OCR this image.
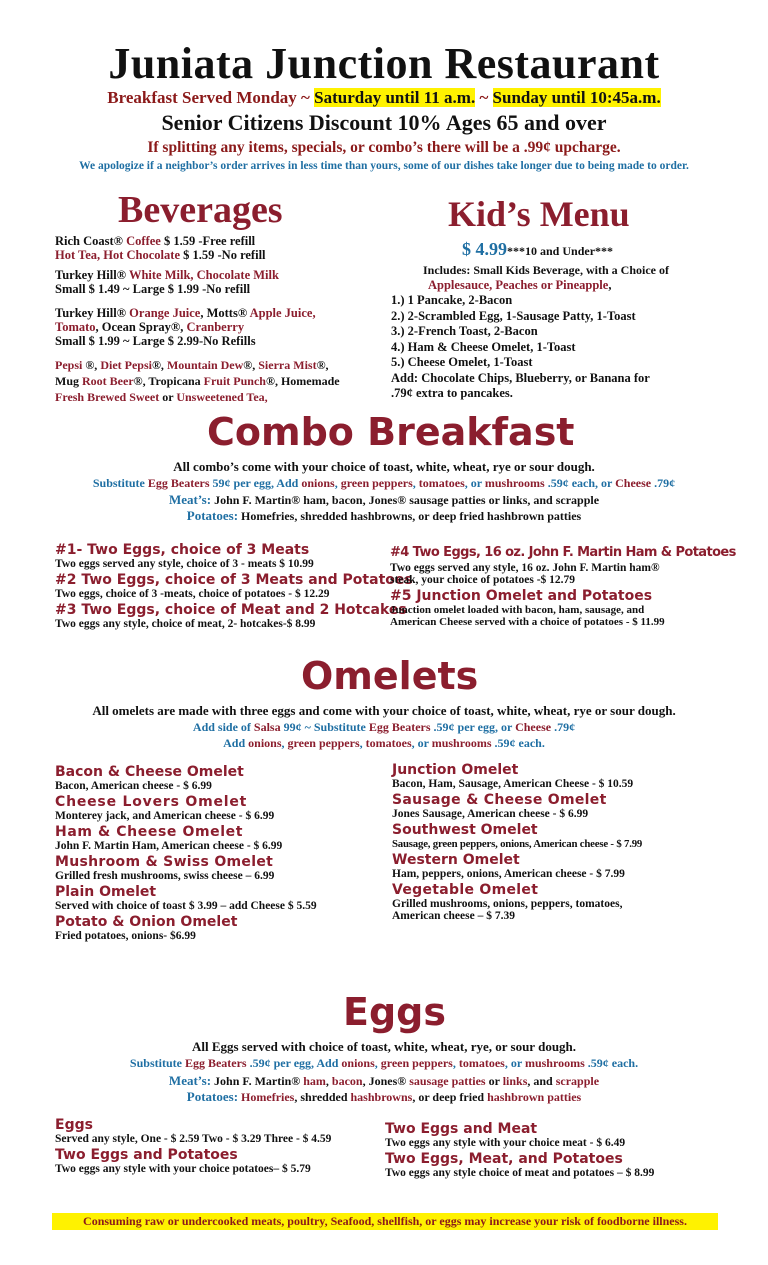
Juniata Junction Restaurant
Breakfast Served Monday ~ Saturday until 11 a.m. ~ Sunday until 10:45a.m.
Senior Citizens Discount 10% Ages 65 and over
If splitting any items, specials, or combo’s there will be a .99¢ upcharge.
We apologize if a neighbor’s order arrives in less time than yours, some of our dishes take longer due to being made to order.
Beverages
Rich Coast® Coffee $ 1.59 -Free refill
Hot Tea, Hot Chocolate $ 1.59 -No refill
Turkey Hill® White Milk, Chocolate Milk
Small $ 1.49 ~ Large $ 1.99 -No refill
Turkey Hill® Orange Juice, Motts® Apple Juice,
Tomato, Ocean Spray®, Cranberry
Small $ 1.99 ~ Large $ 2.99-No Refills
Pepsi ®, Diet Pepsi®, Mountain Dew®, Sierra Mist®,
Mug Root Beer®, Tropicana Fruit Punch®, Homemade
Fresh Brewed Sweet or Unsweetened Tea,
Kid’s Menu
$ 4.99***10 and Under***
Includes: Small Kids Beverage, with a Choice of
Applesauce, Peaches or Pineapple,
1.) 1 Pancake, 2-Bacon
2.) 2-Scrambled Egg, 1-Sausage Patty, 1-Toast
3.) 2-French Toast, 2-Bacon
4.) Ham & Cheese Omelet, 1-Toast
5.) Cheese Omelet, 1-Toast
Add: Chocolate Chips, Blueberry, or Banana for
.79¢ extra to pancakes.
Combo Breakfast
All combo’s come with your choice of toast, white, wheat, rye or sour dough.
Substitute Egg Beaters 59¢ per egg, Add onions, green peppers, tomatoes, or mushrooms .59¢ each, or Cheese .79¢
Meat’s: John F. Martin® ham, bacon, Jones® sausage patties or links, and scrapple
Potatoes: Homefries, shredded hashbrowns, or deep fried hashbrown patties
#1- Two Eggs, choice of 3 Meats
Two eggs served any style, choice of 3 - meats $ 10.99
#2 Two Eggs, choice of 3 Meats and Potatoes
Two eggs, choice of 3 -meats, choice of potatoes - $ 12.29
#3 Two Eggs, choice of Meat and 2 Hotcakes
Two eggs any style, choice of meat, 2- hotcakes-$ 8.99
#4 Two Eggs, 16 oz. John F. Martin Ham & Potatoes
Two eggs served any style, 16 oz. John F. Martin ham®
steak, your choice of potatoes -$ 12.79
#5 Junction Omelet and Potatoes
Junction omelet loaded with bacon, ham, sausage, and
American Cheese served with a choice of potatoes - $ 11.99
Omelets
All omelets are made with three eggs and come with your choice of toast, white, wheat, rye or sour dough.
Add side of Salsa 99¢ ~ Substitute Egg Beaters .59¢ per egg, or Cheese .79¢
Add onions, green peppers, tomatoes, or mushrooms .59¢ each.
Bacon & Cheese Omelet
Bacon, American cheese - $ 6.99
Cheese Lovers Omelet
Monterey jack, and American cheese - $ 6.99
Ham & Cheese Omelet
John F. Martin Ham, American cheese - $ 6.99
Mushroom & Swiss Omelet
Grilled fresh mushrooms, swiss cheese – 6.99
Plain Omelet
Served with choice of toast $ 3.99 – add Cheese $ 5.59
Potato & Onion Omelet
Fried potatoes, onions- $6.99
Junction Omelet
Bacon, Ham, Sausage, American Cheese - $ 10.59
Sausage & Cheese Omelet
Jones Sausage, American cheese - $ 6.99
Southwest Omelet
Sausage, green peppers, onions, American cheese - $ 7.99
Western Omelet
Ham, peppers, onions, American cheese - $ 7.99
Vegetable Omelet
Grilled mushrooms, onions, peppers, tomatoes,
American cheese – $ 7.39
Eggs
All Eggs served with choice of toast, white, wheat, rye, or sour dough.
Substitute Egg Beaters .59¢ per egg, Add onions, green peppers, tomatoes, or mushrooms .59¢ each.
Meat’s: John F. Martin® ham, bacon, Jones® sausage patties or links, and scrapple
Potatoes: Homefries, shredded hashbrowns, or deep fried hashbrown patties
Eggs
Served any style, One - $ 2.59 Two - $ 3.29 Three - $ 4.59
Two Eggs and Potatoes
Two eggs any style with your choice potatoes– $ 5.79
Two Eggs and Meat
Two eggs any style with your choice meat - $ 6.49
Two Eggs, Meat, and Potatoes
Two eggs any style choice of meat and potatoes – $ 8.99
Consuming raw or undercooked meats, poultry, Seafood, shellfish, or eggs may increase your risk of foodborne illness.
